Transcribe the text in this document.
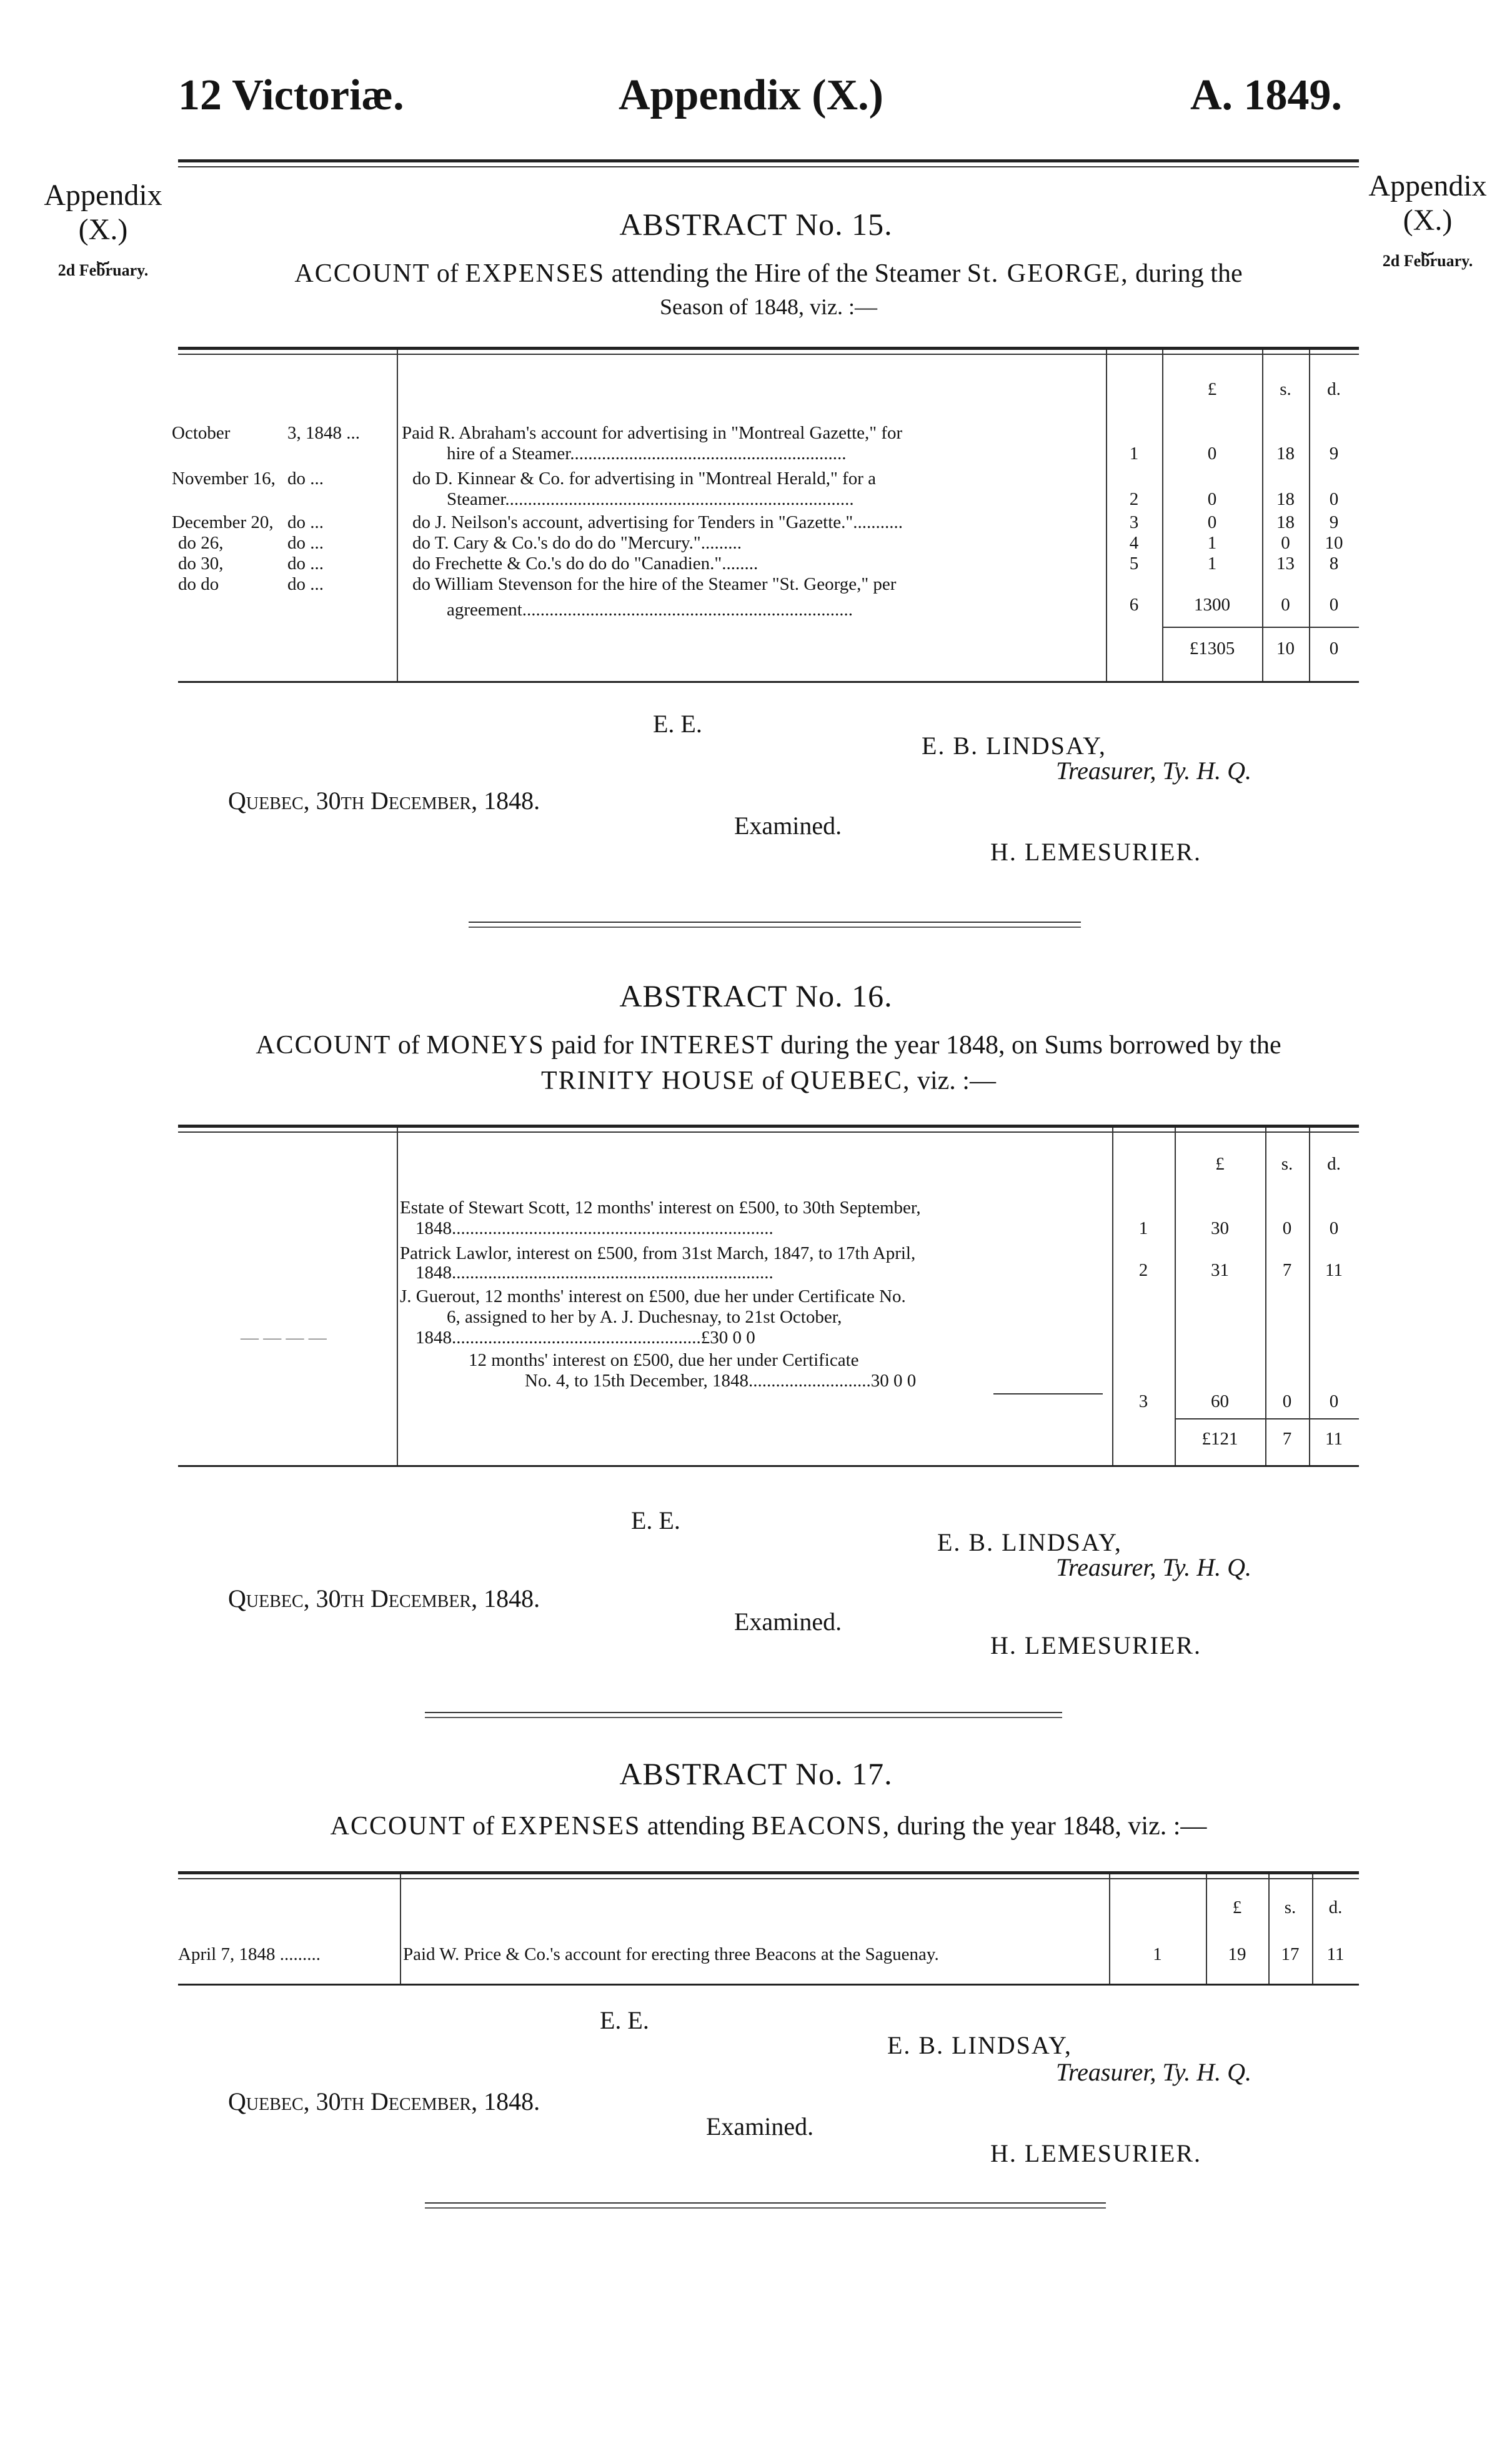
12 Victoriæ.	Appendix (X.)	A. 1849.
Appendix
(X.)
⏟
2d February.
Appendix
(X.)
⏟
2d February.
ABSTRACT No. 15.
ACCOUNT of EXPENSES attending the Hire of the Steamer St. GEORGE, during the
Season of 1848, viz. :—
£	s.	d.
October	3, 1848 ... Paid R. Abraham's account for advertising in "Montreal Gazette," for
hire of a Steamer.............................................................	1	0	18	9
November 16, do ...	do D. Kinnear & Co. for advertising in "Montreal Herald," for a
Steamer.............................................................................	2	0	18	0
December 20, do ...	do J. Neilson's account, advertising for Tenders in "Gazette."...........	3	0	18	9
do 26,	do ...	do T. Cary & Co.'s do do do "Mercury.".........	4	1	0	10
do 30,	do ...	do Frechette & Co.'s do do do "Canadien."........	5	1	13	8
do do	do ...	do William Stevenson for the hire of the Steamer "St. George," per
agreement.........................................................................	6	1300	0	0
£1305	10	0
E. E.
E. B. LINDSAY,
Treasurer, Ty. H. Q.
Quebec, 30th December, 1848.
Examined.
H. LEMESURIER.
ABSTRACT No. 16.
ACCOUNT of MONEYS paid for INTEREST during the year 1848, on Sums borrowed by the
TRINITY HOUSE of QUEBEC, viz. :—
£	s.	d.
Estate of Stewart Scott, 12 months' interest on £500, to 30th September,
1848.......................................................................	1	30	0	0
Patrick Lawlor, interest on £500, from 31st March, 1847, to 17th April,
1848.......................................................................	2	31	7	11
J. Guerout, 12 months' interest on £500, due her under Certificate No.
6, assigned to her by A. J. Duchesnay, to 21st October,
1848.......................................................£30 0 0
12 months' interest on £500, due her under Certificate
No. 4, to 15th December, 1848...........................30 0 0
— — — —
3	60	0	0
£121	7	11
E. E.
E. B. LINDSAY,
Treasurer, Ty. H. Q.
Quebec, 30th December, 1848.
Examined.
H. LEMESURIER.
ABSTRACT No. 17.
ACCOUNT of EXPENSES attending BEACONS, during the year 1848, viz. :—
£	s.	d.
April 7, 1848 .........	Paid W. Price & Co.'s account for erecting three Beacons at the Saguenay.	1	19	17	11
E. E.
E. B. LINDSAY,
Treasurer, Ty. H. Q.
Quebec, 30th December, 1848.
Examined.
H. LEMESURIER.
